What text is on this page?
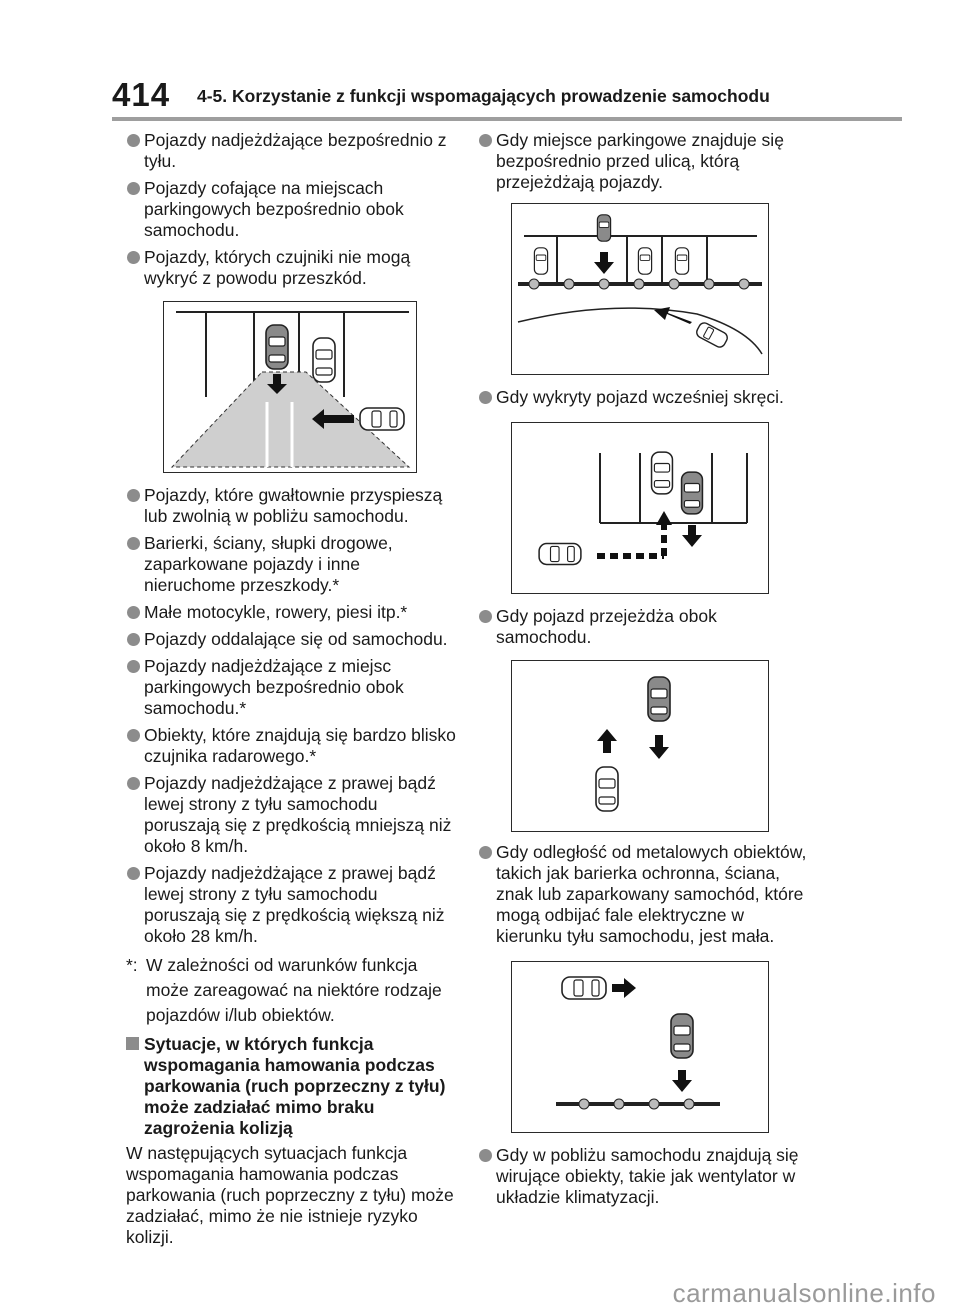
414 4-5. Korzystanie z funkcji wspomagających prowadzenie samochodu
Pojazdy nadjeżdżające bezpośrednio z tyłu.
Pojazdy cofające na miejscach parkingowych bezpośrednio obok samochodu.
Pojazdy, których czujniki nie mogą wykryć z powodu przeszkód.
Pojazdy, które gwałtownie przyspieszą lub zwolnią w pobliżu samochodu.
Barierki, ściany, słupki drogowe, zaparkowane pojazdy i inne nieruchome przeszkody.*
Małe motocykle, rowery, piesi itp.*
Pojazdy oddalające się od samochodu.
Pojazdy nadjeżdżające z miejsc parkingowych bezpośrednio obok samochodu.*
Obiekty, które znajdują się bardzo blisko czujnika radarowego.*
Pojazdy nadjeżdżające z prawej bądź lewej strony z tyłu samochodu poruszają się z prędkością mniejszą niż około 8 km/h.
Pojazdy nadjeżdżające z prawej bądź lewej strony z tyłu samochodu poruszają się z prędkością większą niż około 28 km/h.
*: W zależności od warunków funkcja może zareagować na niektóre rodzaje pojazdów i/lub obiektów.
Sytuacje, w których funkcja wspomagania hamowania podczas parkowania (ruch poprzeczny z tyłu) może zadziałać mimo braku zagrożenia kolizją
W następujących sytuacjach funkcja wspomagania hamowania podczas parkowania (ruch poprzeczny z tyłu) może zadziałać, mimo że nie istnieje ryzyko kolizji.
Gdy miejsce parkingowe znajduje się bezpośrednio przed ulicą, którą przejeżdżają pojazdy.
Gdy wykryty pojazd wcześniej skręci.
Gdy pojazd przejeżdża obok samochodu.
Gdy odległość od metalowych obiektów, takich jak barierka ochronna, ściana, znak lub zaparkowany samochód, które mogą odbijać fale elektryczne w kierunku tyłu samochodu, jest mała.
Gdy w pobliżu samochodu znajdują się wirujące obiekty, takie jak wentylator w układzie klimatyzacji.
carmanualsonline.info
